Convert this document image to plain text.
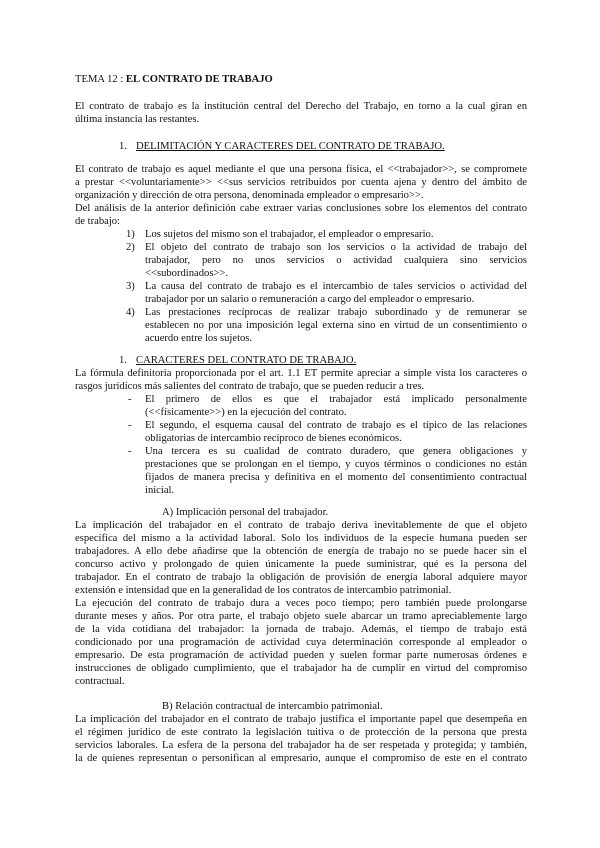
TEMA 12 : EL CONTRATO DE TRABAJO
El contrato de trabajo es la institución central del Derecho del Trabajo, en torno a la cual giran en
última instancia las restantes.
1. DELIMITACIÓN Y CARACTERES DEL CONTRATO DE TRABAJO.
El contrato de trabajo es aquel mediante el que una persona física, el <<trabajador>>, se compromete
a prestar <<voluntariamente>> <<sus servicios retribuidos por cuenta ajena y dentro del ámbito de
organización y dirección de otra persona, denominada empleador o empresario>>.
Del análisis de la anterior definición cabe extraer varias conclusiones sobre los elementos del contrato
de trabajo:
1) Los sujetos del mismo son el trabajador, el empleador o empresario.
2) El objeto del contrato de trabajo son los servicios o la actividad de trabajo del
trabajador, pero no unos servicios o actividad cualquiera sino servicios
<<subordinados>>.
3) La causa del contrato de trabajo es el intercambio de tales servicios o actividad del
trabajador por un salario o remuneración a cargo del empleador o empresario.
4) Las prestaciones recíprocas de realizar trabajo subordinado y de remunerar se
establecen no por una imposición legal externa sino en virtud de un consentimiento o
acuerdo entre los sujetos.
1. CARACTERES DEL CONTRATO DE TRABAJO.
La fórmula definitoria proporcionada por el art. 1.1 ET permite apreciar a simple vista los caracteres o
rasgos jurídicos más salientes del contrato de trabajo, que se pueden reducir a tres.
- El primero de ellos es que el trabajador está implicado personalmente
(<<físicamente>>) en la ejecución del contrato.
- El segundo, el esquema causal del contrato de trabajo es el típico de las relaciones
obligatorias de intercambio recíproco de bienes económicos.
- Una tercera es su cualidad de contrato duradero, que genera obligaciones y
prestaciones que se prolongan en el tiempo, y cuyos términos o condiciones no están
fijados de manera precisa y definitiva en el momento del consentimiento contractual
inicial.
A) Implicación personal del trabajador.
La implicación del trabajador en el contrato de trabajo deriva inevitablemente de que el objeto
específica del mismo a la actividad laboral. Solo los individuos de la especie humana pueden ser
trabajadores. A ello debe añadirse que la obtención de energía de trabajo no se puede hacer sin el
concurso activo y prolongado de quien únicamente la puede suministrar, qué es la persona del
trabajador. En el contrato de trabajo la obligación de provisión de energía laboral adquiere mayor
extensión e intensidad que en la generalidad de los contratos de intercambio patrimonial.
La ejecución del contrato de trabajo dura a veces poco tiempo; pero también puede prolongarse
durante meses y años. Por otra parte, el trabajo objeto suele abarcar un tramo apreciablemente largo
de la vida cotidiana del trabajador: la jornada de trabajo. Además, el tiempo de trabajo está
condicionado por una programación de actividad cuya determinación corresponde al empleador o
empresario. De esta programación de actividad pueden y suelen formar parte numerosas órdenes e
instrucciones de obligado cumplimiento, que el trabajador ha de cumplir en virtud del compromiso
contractual.
B) Relación contractual de intercambio patrimonial.
La implicación del trabajador en el contrato de trabajo justifica el importante papel que desempeña en
el régimen jurídico de este contrato la legislación tuitiva o de protección de la persona que presta
servicios laborales. La esfera de la persona del trabajador ha de ser respetada y protegida; y también,
la de quienes representan o personifican al empresario, aunque el compromiso de este en el contrato
